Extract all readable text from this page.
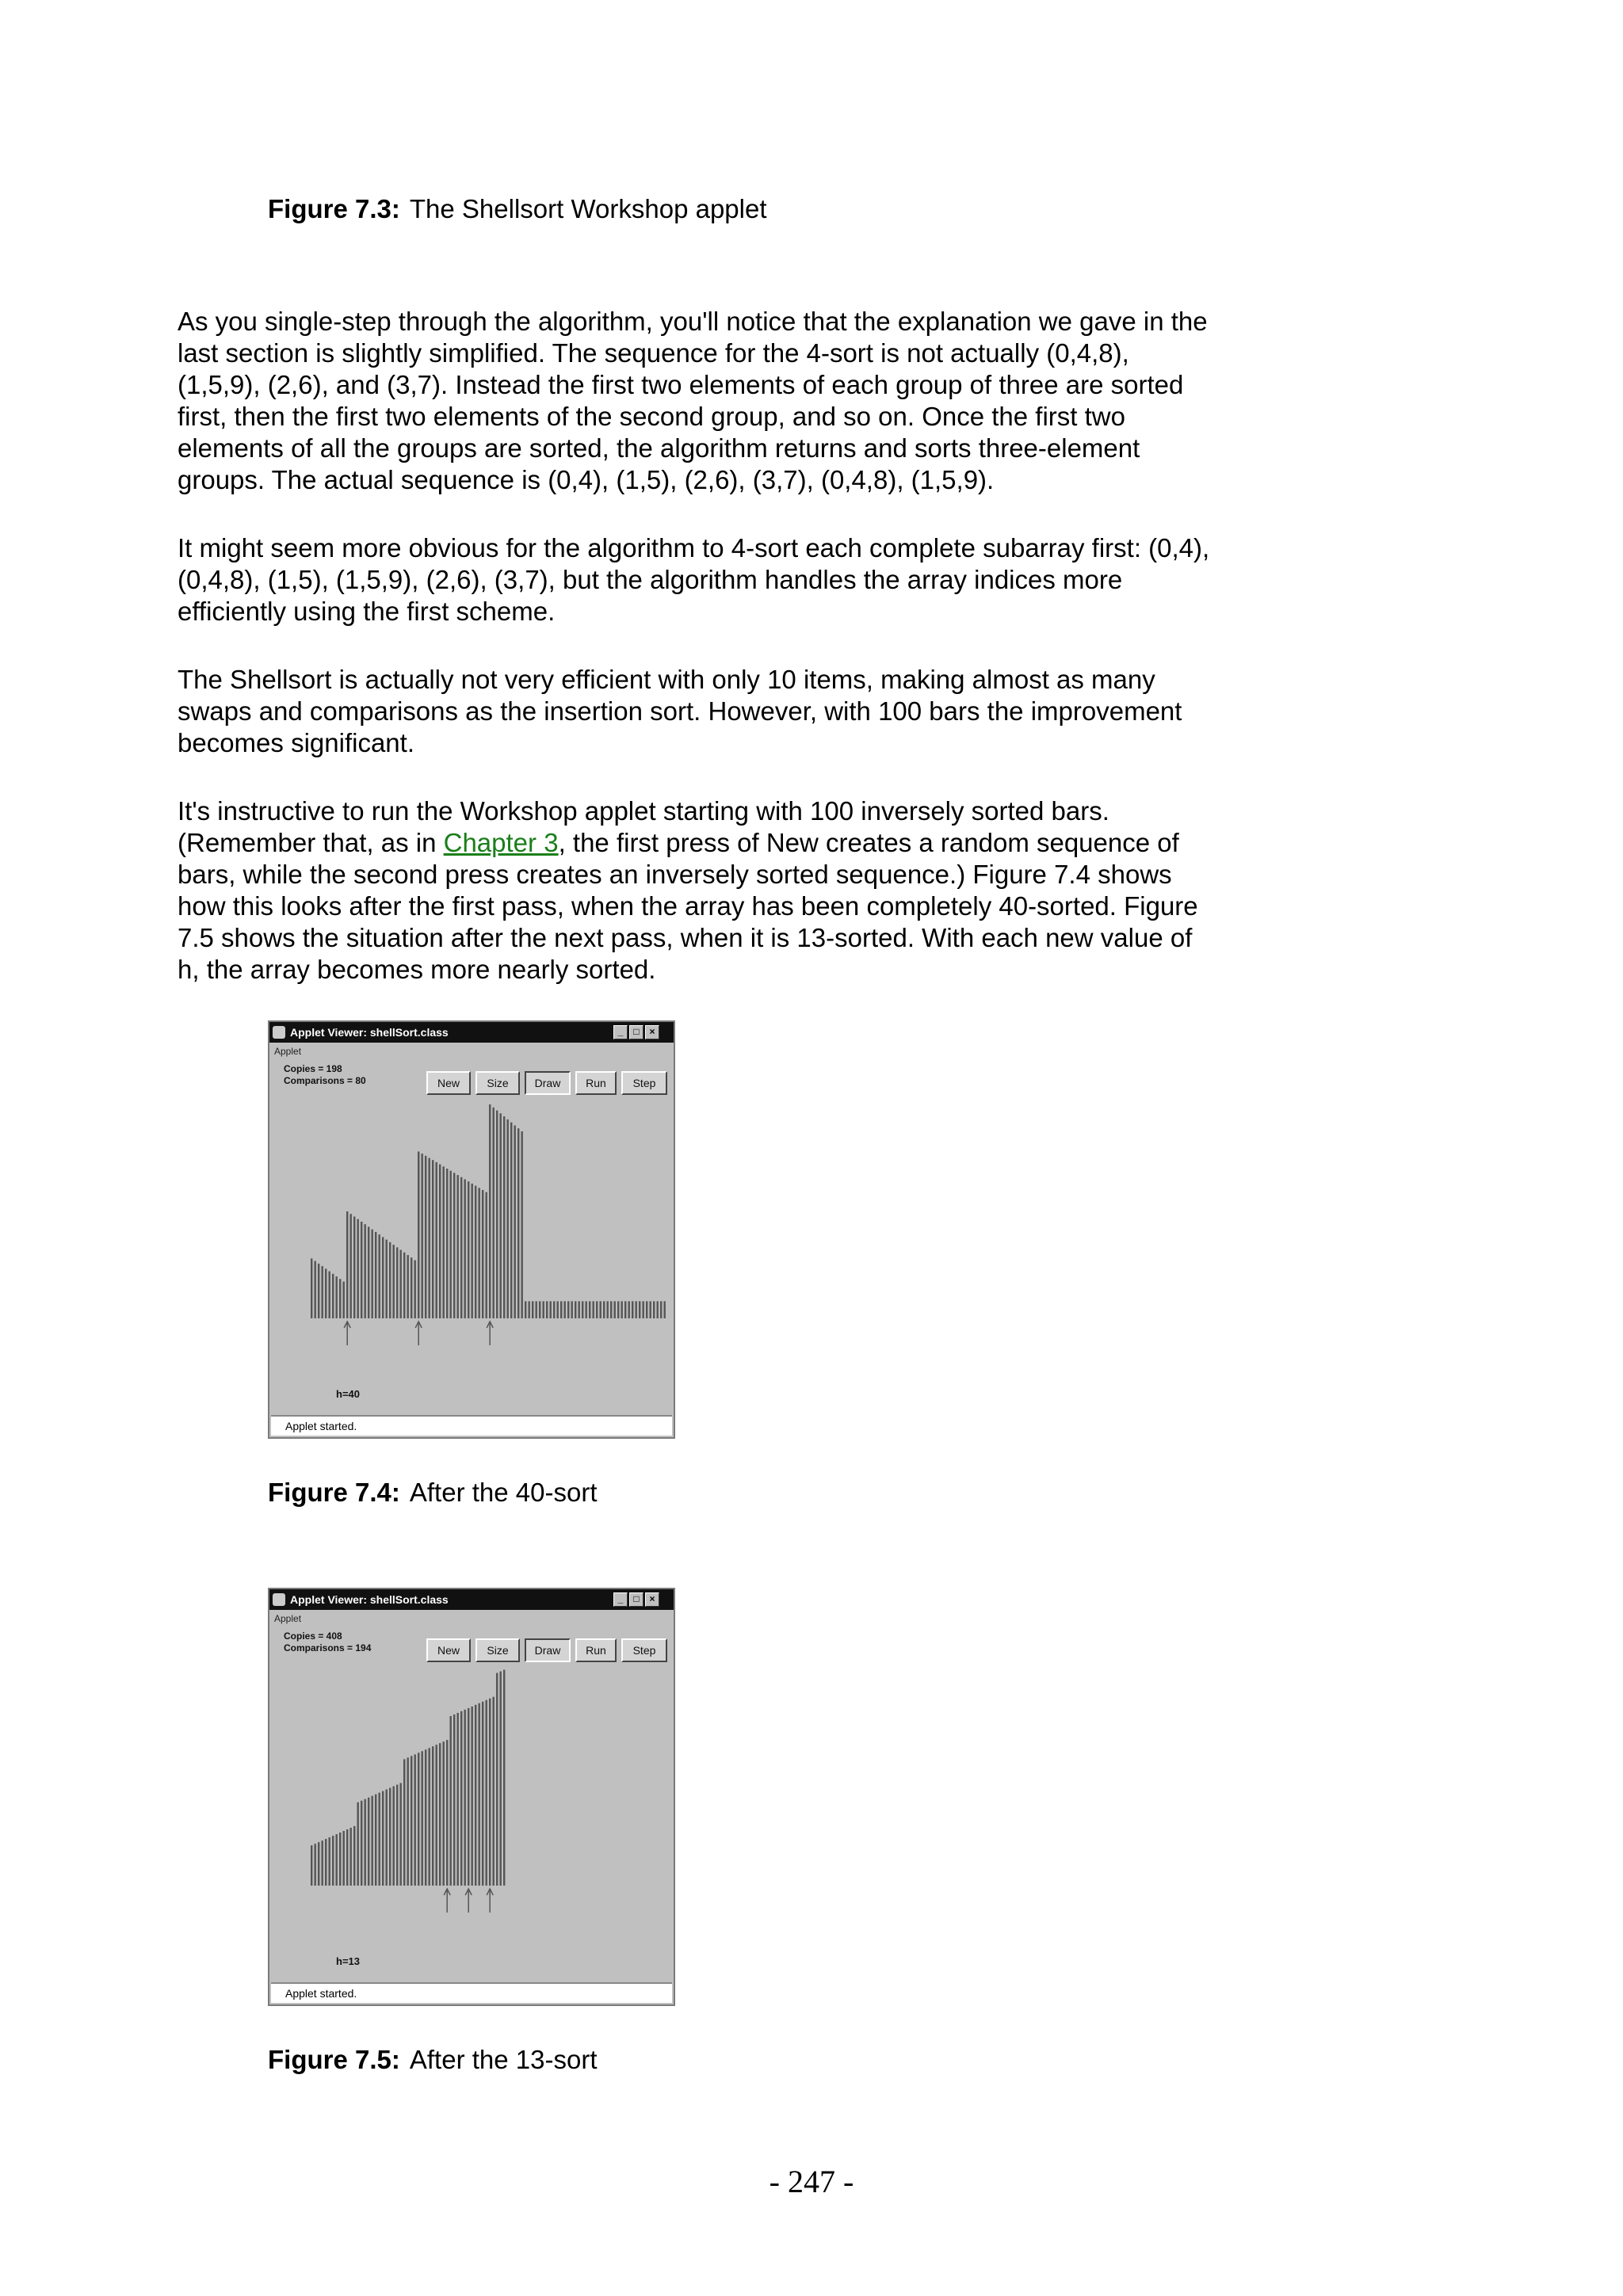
Figure 7.3: The Shellsort Workshop applet

As you single-step through the algorithm, you'll notice that the explanation we gave in the

last section is slightly simplified. The sequence for the 4-sort is not actually (0,4,8),

(1,5,9), (2,6), and (3,7). Instead the first two elements of each group of three are sorted

first, then the first two elements of the second group, and so on. Once the first two

elements of all the groups are sorted, the algorithm returns and sorts three-element

groups. The actual sequence is (0,4), (1,5), (2,6), (3,7), (0,4,8), (1,5,9).

It might seem more obvious for the algorithm to 4-sort each complete subarray first: (0,4),

(0,4,8), (1,5), (1,5,9), (2,6), (3,7), but the algorithm handles the array indices more

efficiently using the first scheme.

The Shellsort is actually not very efficient with only 10 items, making almost as many

swaps and comparisons as the insertion sort. However, with 100 bars the improvement

becomes significant.

It's instructive to run the Workshop applet starting with 100 inversely sorted bars.

(Remember that, as in Chapter 3, the first press of New creates a random sequence of

bars, while the second press creates an inversely sorted sequence.) Figure 7.4 shows

how this looks after the first pass, when the array has been completely 40-sorted. Figure

7.5 shows the situation after the next pass, when it is 13-sorted. With each new value of

h, the array becomes more nearly sorted.

Applet Viewer: shellSort.class	_	□	×
Applet
Copies = 198
Comparisons = 80	New	Size	Draw	Run	Step
h=40
Applet started.
Figure 7.4: After the 40-sort
Applet Viewer: shellSort.class	_	□	×
Applet
Copies = 408
Comparisons = 194	New	Size	Draw	Run	Step
h=13
Applet started.
Figure 7.5: After the 13-sort
- 247 -
